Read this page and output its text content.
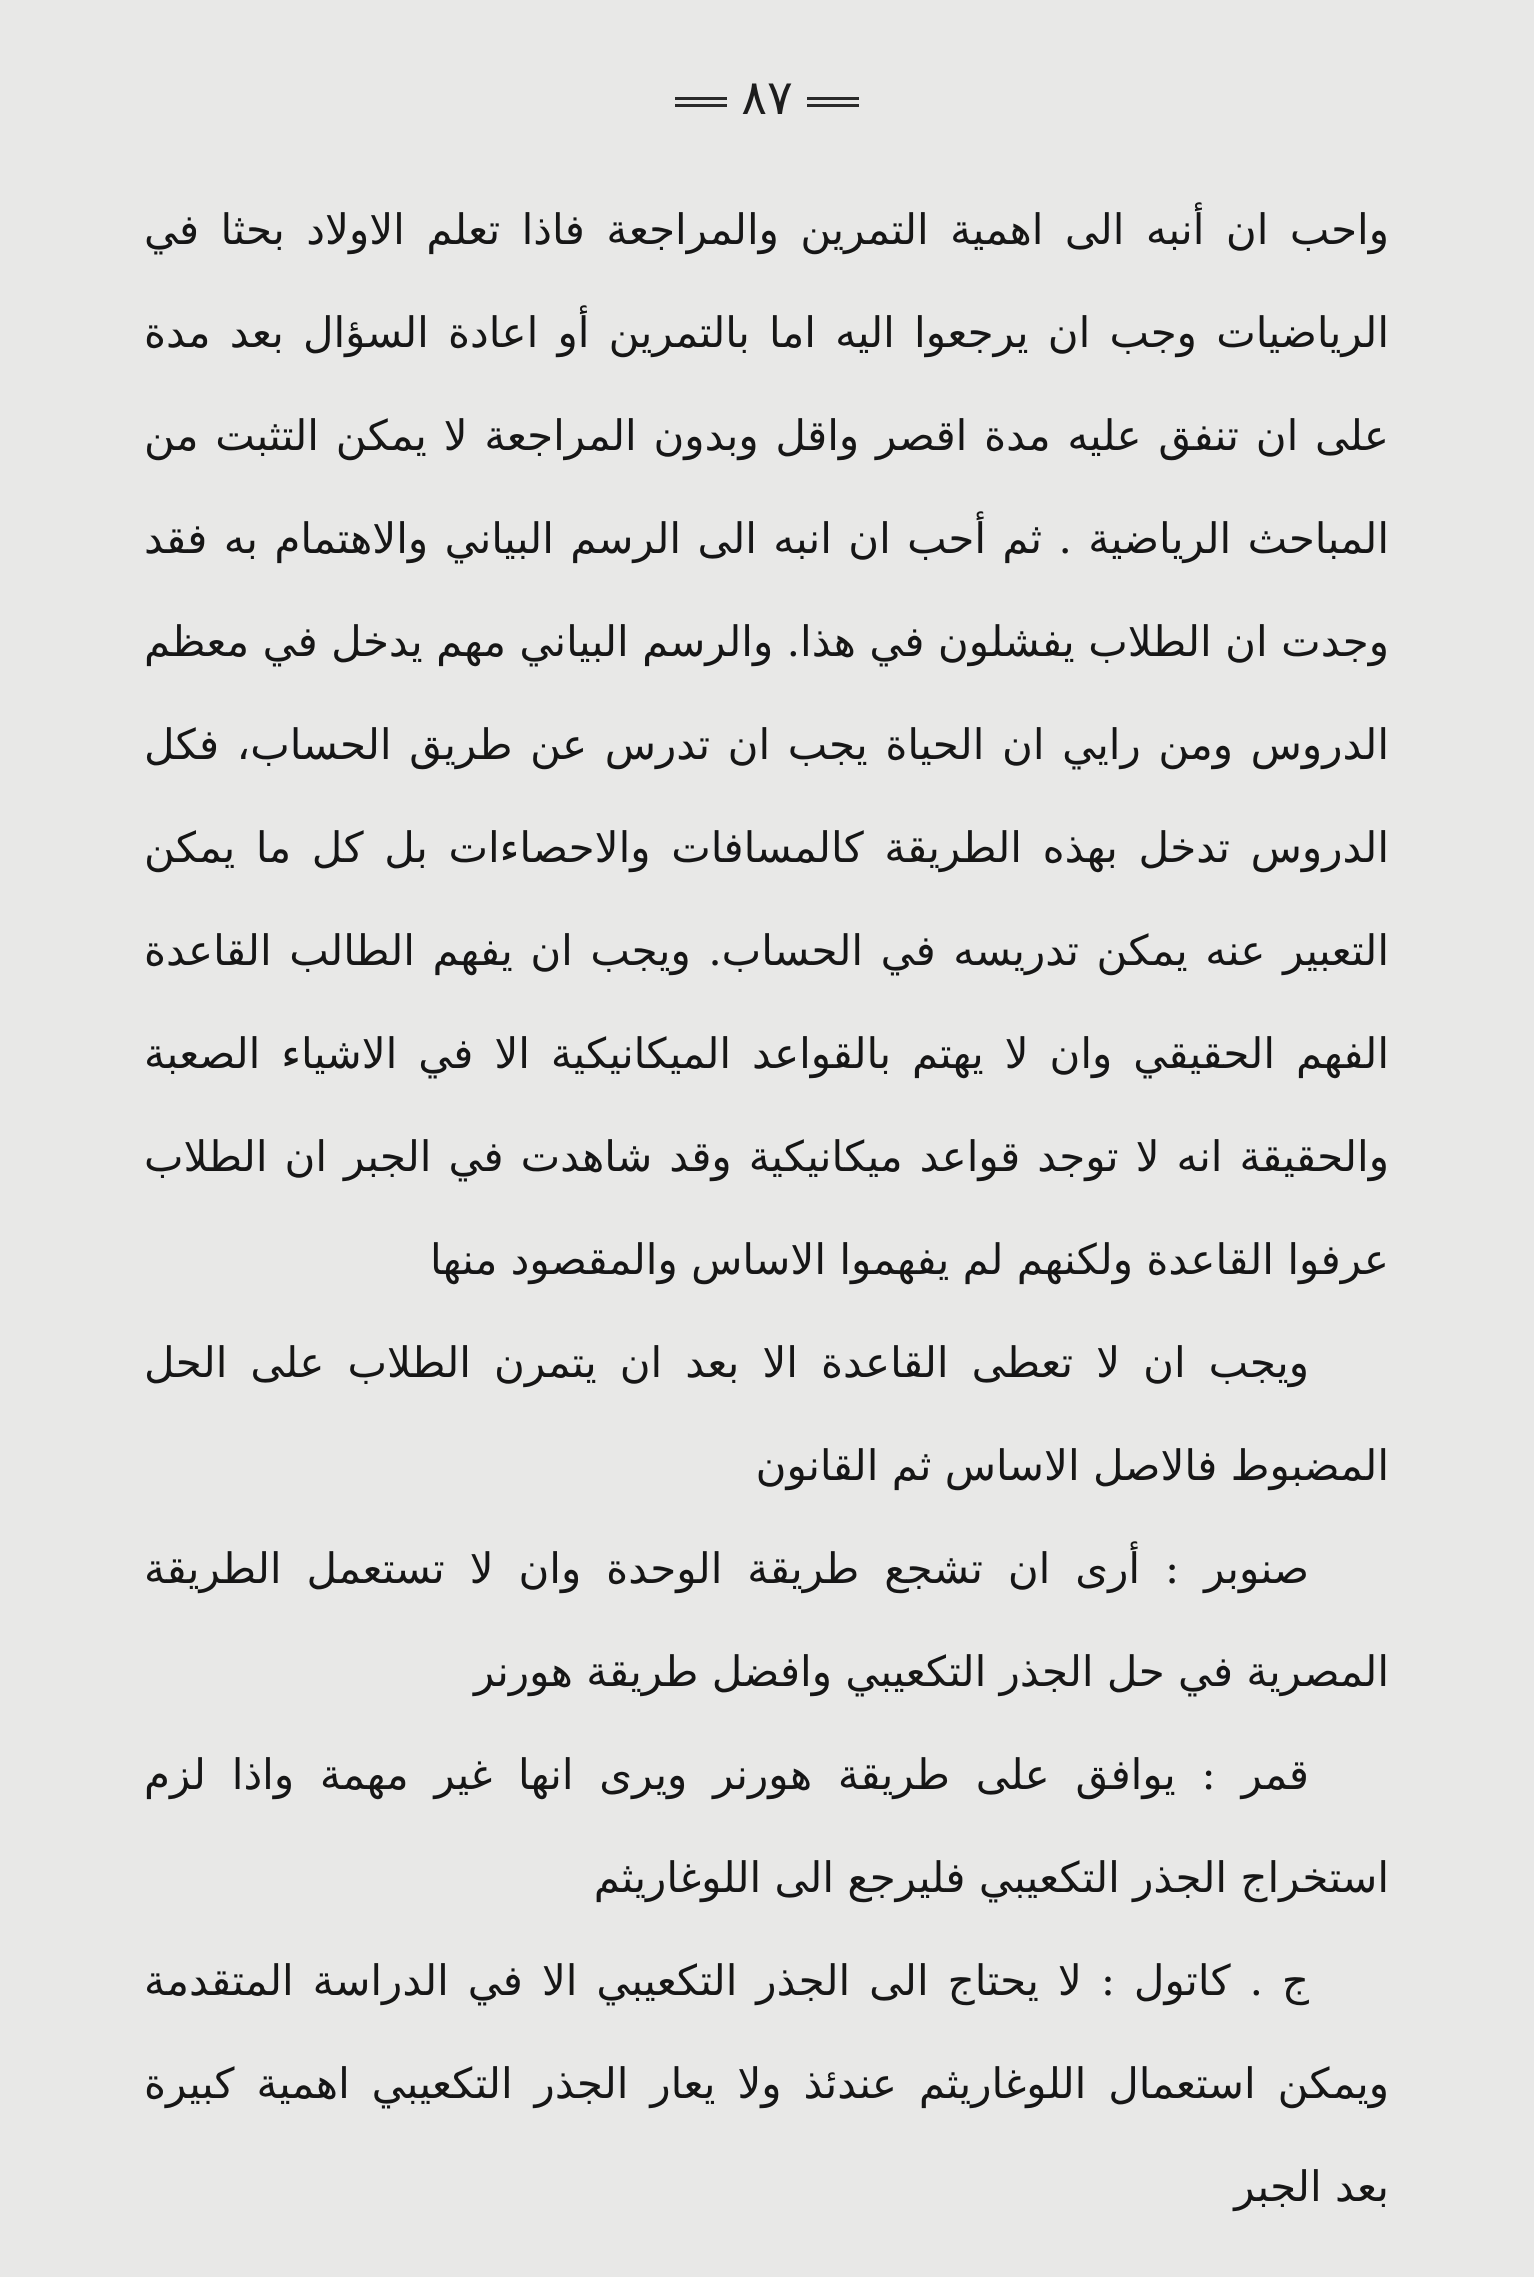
٨٧
واحب ان أنبه الى اهمية التمرين والمراجعة فاذا تعلم الاولاد بحثا في
الرياضيات وجب ان يرجعوا اليه اما بالتمرين أو اعادة السؤال بعد مدة
على ان تنفق عليه مدة اقصر واقل وبدون المراجعة لا يمكن التثبت من
المباحث الرياضية . ثم أحب ان انبه الى الرسم البياني والاهتمام به فقد
وجدت ان الطلاب يفشلون في هذا. والرسم البياني مهم يدخل في معظم
الدروس ومن رايي ان الحياة يجب ان تدرس عن طريق الحساب، فكل
الدروس تدخل بهذه الطريقة كالمسافات والاحصاءات بل كل ما يمكن
التعبير عنه يمكن تدريسه في الحساب. ويجب ان يفهم الطالب القاعدة
الفهم الحقيقي وان لا يهتم بالقواعد الميكانيكية الا في الاشياء الصعبة
والحقيقة انه لا توجد قواعد ميكانيكية وقد شاهدت في الجبر ان الطلاب
عرفوا القاعدة ولكنهم لم يفهموا الاساس والمقصود منها
ويجب ان لا تعطى القاعدة الا بعد ان يتمرن الطلاب على الحل
المضبوط فالاصل الاساس ثم القانون
صنوبر : أرى ان تشجع طريقة الوحدة وان لا تستعمل الطريقة
المصرية في حل الجذر التكعيبي وافضل طريقة هورنر
قمر : يوافق على طريقة هورنر ويرى انها غير مهمة واذا لزم
استخراج الجذر التكعيبي فليرجع الى اللوغاريثم
ج . كاتول : لا يحتاج الى الجذر التكعيبي الا في الدراسة المتقدمة
ويمكن استعمال اللوغاريثم عندئذ ولا يعار الجذر التكعيبي اهمية كبيرة
بعد الجبر
